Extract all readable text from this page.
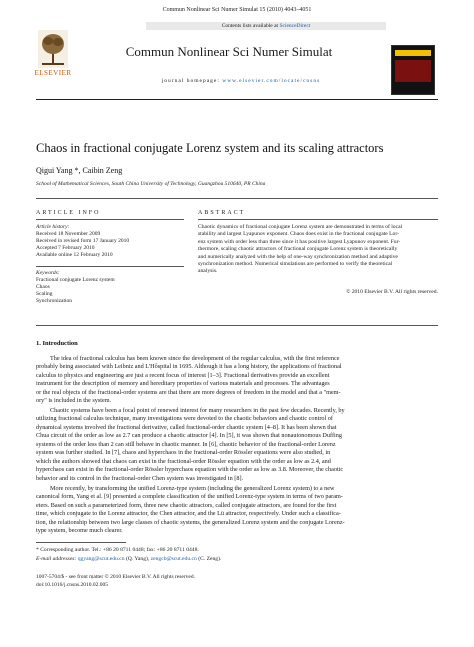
Commun Nonlinear Sci Numer Simulat 15 (2010) 4043–4051
Contents lists available at ScienceDirect
ELSEVIER
Commun Nonlinear Sci Numer Simulat
journal homepage: www.elsevier.com/locate/cnsns
Chaos in fractional conjugate Lorenz system and its scaling attractors
Qigui Yang *, Caibin Zeng
School of Mathematical Sciences, South China University of Technology, Guangzhou 510640, PR China
ARTICLE INFO
Article history:
Received 18 November 2009
Received in revised form 17 January 2010
Accepted 7 February 2010
Available online 12 February 2010
Keywords:
Fractional conjugate Lorenz system
Chaos
Scaling
Synchronization
ABSTRACT
Chaotic dynamics of fractional conjugate Lorenz system are demonstrated in terms of local
stability and largest Lyapunov exponent. Chaos does exist in the fractional conjugate Lor-
enz system with order less than three since it has positive largest Lyapunov exponent. Fur-
thermore, scaling chaotic attractors of fractional conjugate Lorenz system is theoretically
and numerically analyzed with the help of one-way synchronization method and adaptive
synchronization method. Numerical simulations are performed to verify the theoretical
analysis.
© 2010 Elsevier B.V. All rights reserved.
1. Introduction
The idea of fractional calculus has been known since the development of the regular calculus, with the first reference
probably being associated with Leibniz and L'Hôspital in 1695. Although it has a long history, the applications of fractional
calculus to physics and engineering are just a recent focus of interest [1–3]. Fractional derivatives provide an excellent
instrument for the description of memory and hereditary properties of various materials and processes. The advantages
or the real objects of the fractional-order systems are that there are more degrees of freedom in the model and that a "mem-
ory" is included in the system.
Chaotic systems have been a focal point of renewed interest for many researchers in the past few decades. Recently, by
utilizing fractional calculus technique, many investigations were devoted to the chaotic behaviors and chaotic control of
dynamical systems involved the fractional derivative, called fractional-order chaotic system [4–8]. It has been shown that
Chua circuit of the order as low as 2.7 can produce a chaotic attractor [4]. In [5], it was shown that nonautonomous Duffing
systems of the order less than 2 can still behave in chaotic manner. In [6], chaotic behavior of the fractional-order Lorenz
system was further studied. In [7], chaos and hyperchaos in the fractional-order Rössler equations were also studied, in
which the authors showed that chaos can exist in the fractional-order Rössler equation with the order as low as 2.4, and
hyperchaos can exist in the fractional-order Rössler hyperchaos equation with the order as low as 3.8. Moreover, the chaotic
behavior and its control in the fractional-order Chen system was investigated in [8].
More recently, by transforming the unified Lorenz-type system (including the generalized Lorenz system) to a new
canonical form, Yang et al. [9] presented a complete classification of the unified Lorenz-type system in terms of two param-
eters. Based on such a parameterized form, three new chaotic attractors, called conjugate attractors, are found for the first
time, which conjugate to the Lorenz attractor, the Chen attractor, and the Lü attractor, respectively. Under such a classifica-
tion, the relationship between two large classes of chaotic systems, the generalized Lorenz system and the conjugate Lorenz-
type system, become much clearer.
* Corresponding author. Tel.: +86 20 8711 0448; fax: +86 20 8711 0448.
E-mail addresses: qgyang@scut.edu.cn (Q. Yang), zengcb@scut.edu.cn (C. Zeng).
1007-5704/$ - see front matter © 2010 Elsevier B.V. All rights reserved.
doi:10.1016/j.cnsns.2010.02.005
